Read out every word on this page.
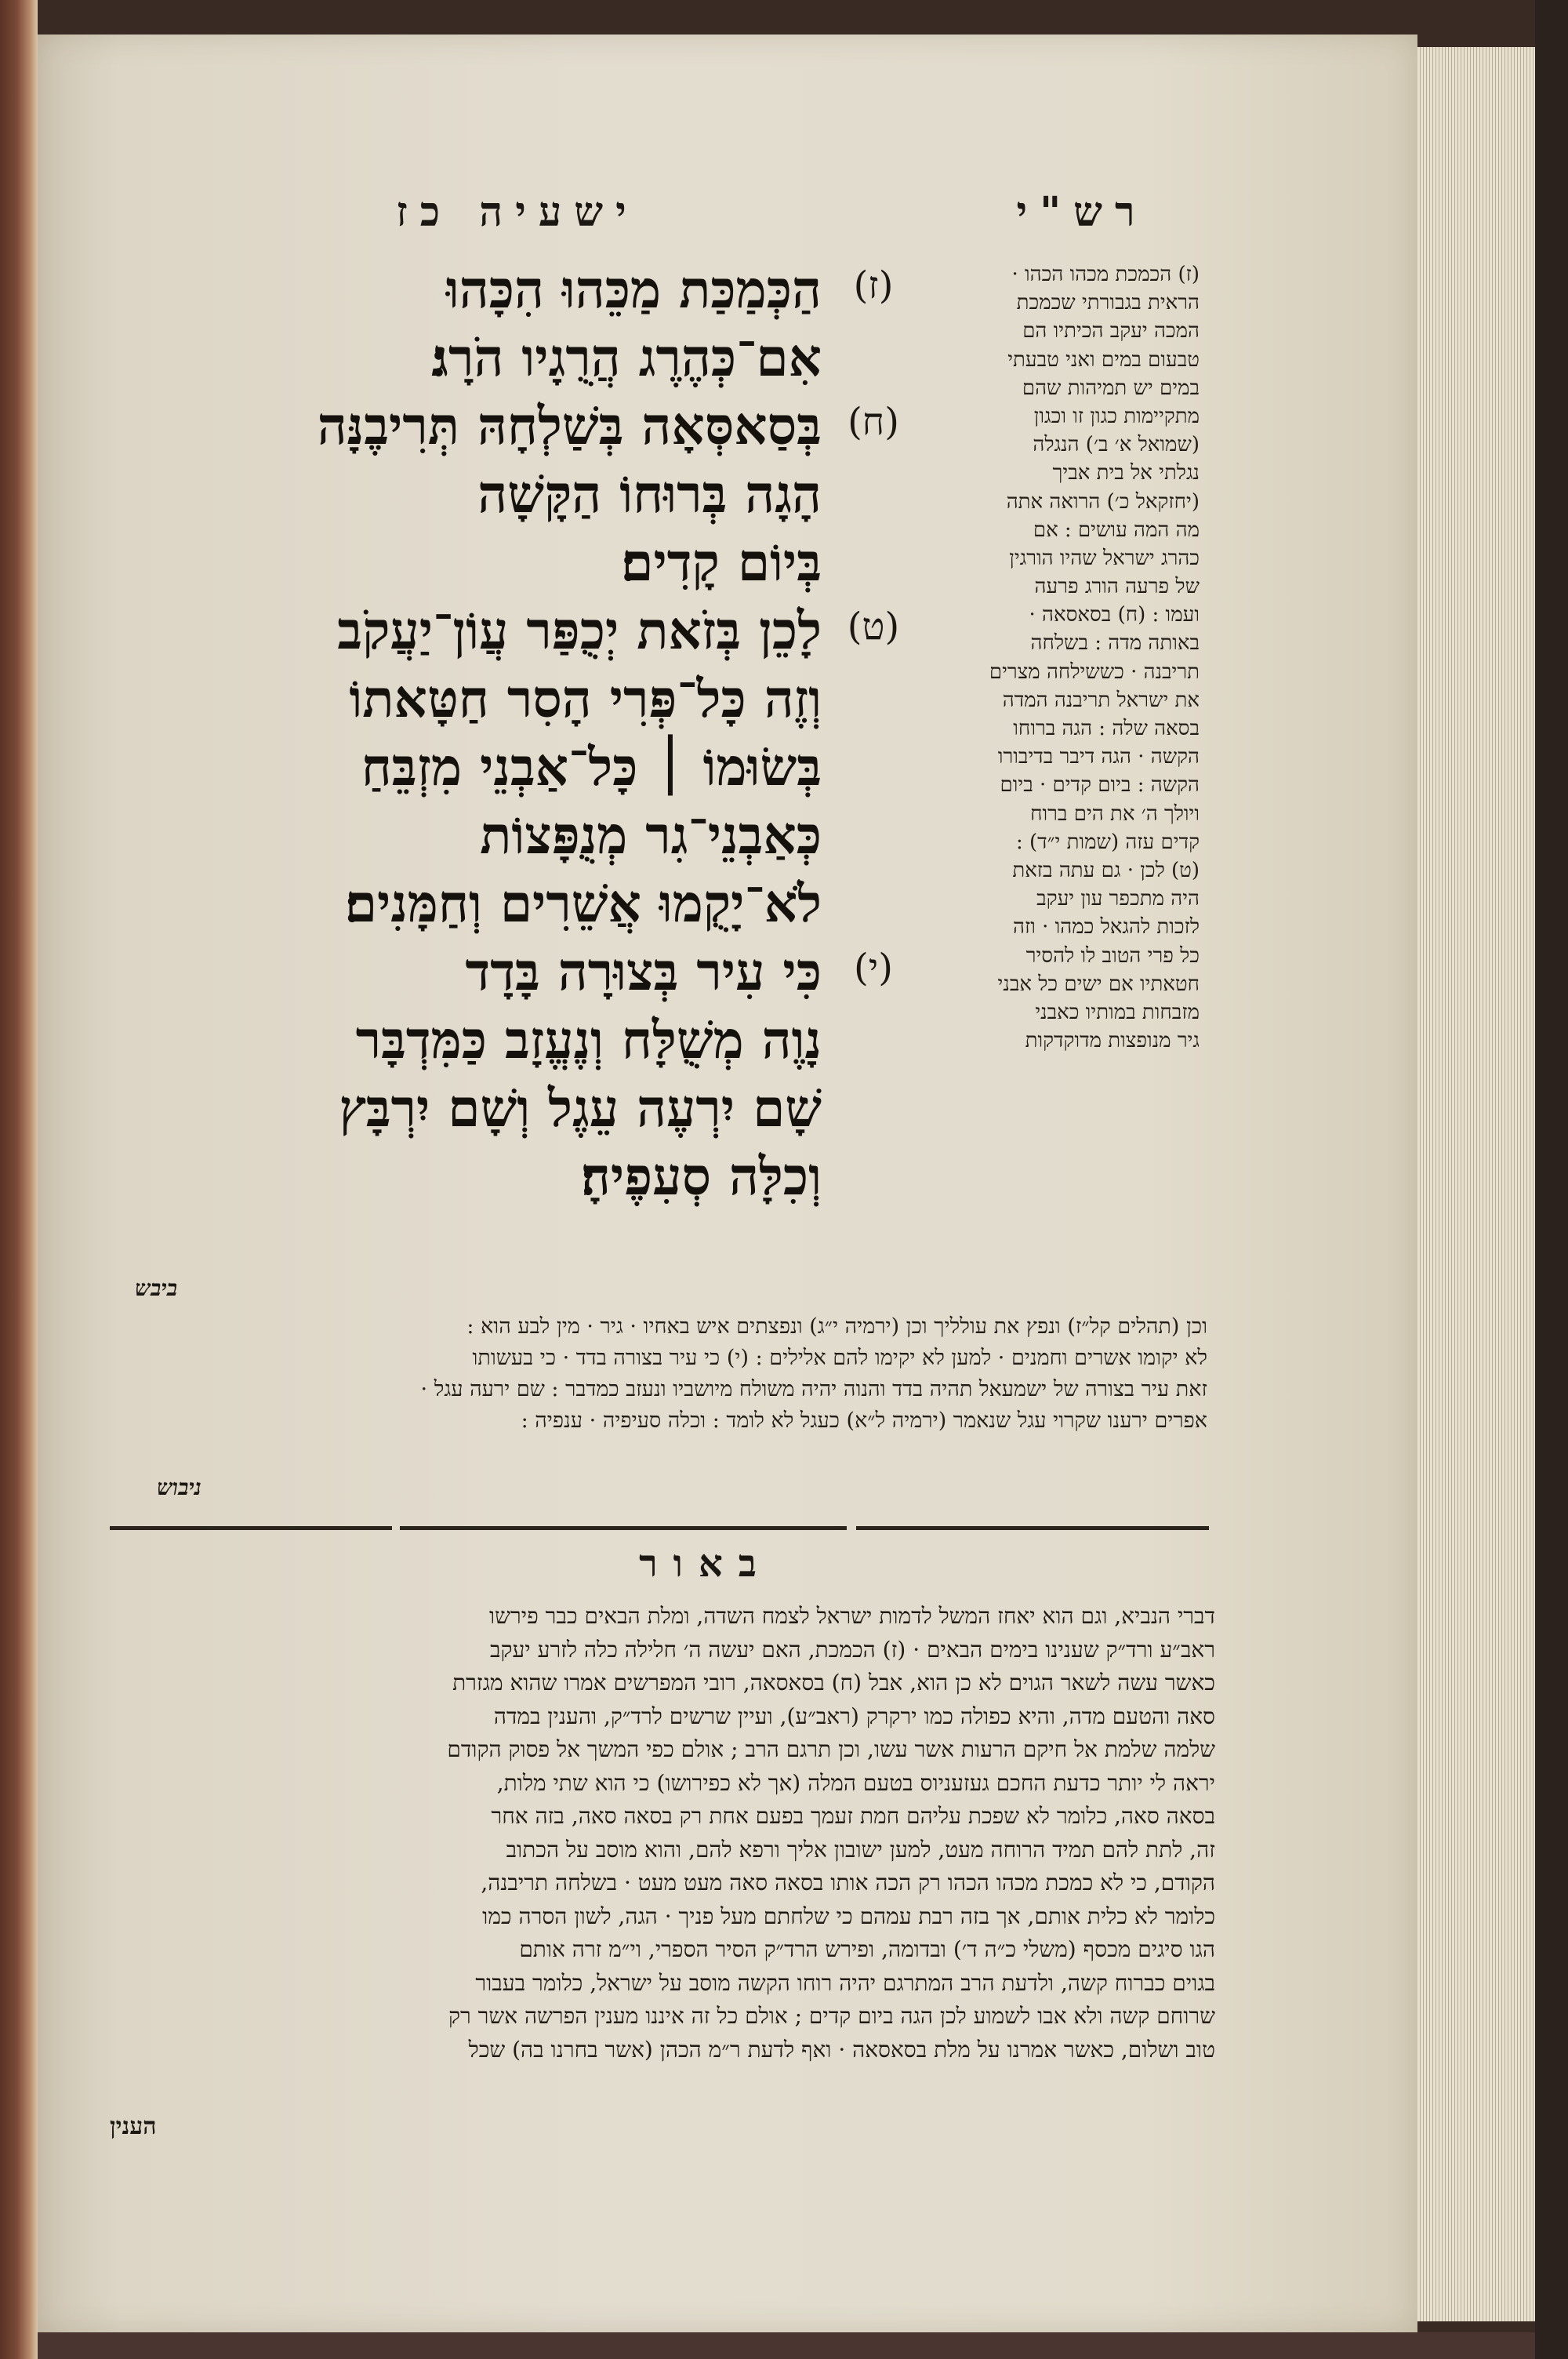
ישעיה כז	רש"י
(ז)
הַכְּמַכַּת מַכֵּהוּ הִכָּהוּ
אִם־כְּהֶרֶג הֲרֻגָיו הֹרָג׃
(ח)
בְּסַאסְּאָה בְּשַׁלְחָהּ תְּרִיבֶנָּה
הָגָה בְּרוּחוֹ הַקָּשָׁה
בְּיוֹם קָדִים׃
(ט)
לָכֵן בְּזֹאת יְכֻפַּר עֲוֹן־יַעֲקֹב
וְזֶה כָּל־פְּרִי הָסִר חַטָּאתוֹ
בְּשׂוּמוֹ ׀ כָּל־אַבְנֵי מִזְבֵּחַ
כְּאַבְנֵי־גִר מְנֻפָּצוֹת
לֹא־יָקֻמוּ אֲשֵׁרִים וְחַמָּנִים׃
(י)
כִּי עִיר בְּצוּרָה בָּדָד
נָוֶה מְשֻׁלָּח וְנֶעֱזָב כַּמִּדְבָּר
שָׁם יִרְעֶה עֵגֶל וְשָׁם יִרְבָּץ
וְכִלָּה סְעִפֶיהָ׃
(ז) הכמכת מכהו הכהו ·
הראית בגבורתי שכמכת
המכה יעקב הכיתיו הם
טבעום במים ואני טבעתי
במים יש תמיהות שהם
מתקיימות כגון זו וכגון
(שמואל א׳ ב׳) הנגלה
נגלתי אל בית אביך
(יחזקאל כ׳) הרואה אתה
מה המה עושים : אם
כהרג ישראל שהיו הורגין
של פרעה הורג פרעה
ועמו : (ח) בסאסאה ·
באותה מדה : בשלחה
תריבנה · כששילחה מצרים
את ישראל תריבנה המדה
בסאה שלה : הגה ברוחו
הקשה · הגה דיבר בדיבורו
הקשה : ביום קדים · ביום
ויולך ה׳ את הים ברוח
קדים עזה (שמות י״ד) :
(ט) לכן · גם עתה בזאת
היה מתכפר עון יעקב
לזכות להגאל כמהו · וזה
כל פרי הטוב לו להסיר
חטאתיו אם ישים כל אבני
מזבחות במותיו כאבני
גיר מנופצות מדוקדקות
ביבש
וכן (תהלים קל״ז) ונפץ את עולליך וכן (ירמיה י״ג) ונפצתים איש באחיו · גיר · מין לבע הוא :
לא יקומו אשרים וחמנים · למען לא יקימו להם אלילים : (י) כי עיר בצורה בדד · כי בעשותו
זאת עיר בצורה של ישמעאל תהיה בדד והנוה יהיה משולח מיושביו ונעזב כמדבר : שם ירעה עגל ·
אפרים ירענו שקרוי עגל שנאמר (ירמיה ל״א) כעגל לא לומד : וכלה סעיפיה · ענפיה :
ניבוש
באור
דברי הנביא, וגם הוא יאחז המשל לדמות ישראל לצמח השדה, ומלת הבאים כבר פירשו
ראב״ע ורד״ק שענינו בימים הבאים · (ז) הכמכת, האם יעשה ה׳ חלילה כלה לזרע יעקב
כאשר עשה לשאר הגוים לא כן הוא, אבל (ח) בסאסאה, רובי המפרשים אמרו שהוא מגזרת
סאה והטעם מדה, והיא כפולה כמו ירקרק (ראב״ע), ועיין שרשים לרד״ק, והענין במדה
שלמה שלמת אל חיקם הרעות אשר עשו, וכן תרגם הרב ; אולם כפי המשך אל פסוק הקודם
יראה לי יותר כדעת החכם געזעניוס בטעם המלה (אך לא כפירושו) כי הוא שתי מלות,
בסאה סאה, כלומר לא שפכת עליהם חמת זעמך בפעם אחת רק בסאה סאה, בזה אחר
זה, לתת להם תמיד הרוחה מעט, למען ישובון אליך ורפא להם, והוא מוסב על הכתוב
הקודם, כי לא כמכת מכהו הכהו רק הכה אותו בסאה סאה מעט מעט · בשלחה תריבנה,
כלומר לא כלית אותם, אך בזה רבת עמהם כי שלחתם מעל פניך · הגה, לשון הסרה כמו
הגו סיגים מכסף (משלי כ״ה ד׳) ובדומה, ופירש הרד״ק הסיר הספרי, וי״מ זרה אותם
בגוים כברוח קשה, ולדעת הרב המתרגם יהיה רוחו הקשה מוסב על ישראל, כלומר בעבור
שרוחם קשה ולא אבו לשמוע לכן הגה ביום קדים ; אולם כל זה איננו מענין הפרשה אשר רק
טוב ושלום, כאשר אמרנו על מלת בסאסאה · ואף לדעת ר״מ הכהן (אשר בחרנו בה) שכל
הענין
